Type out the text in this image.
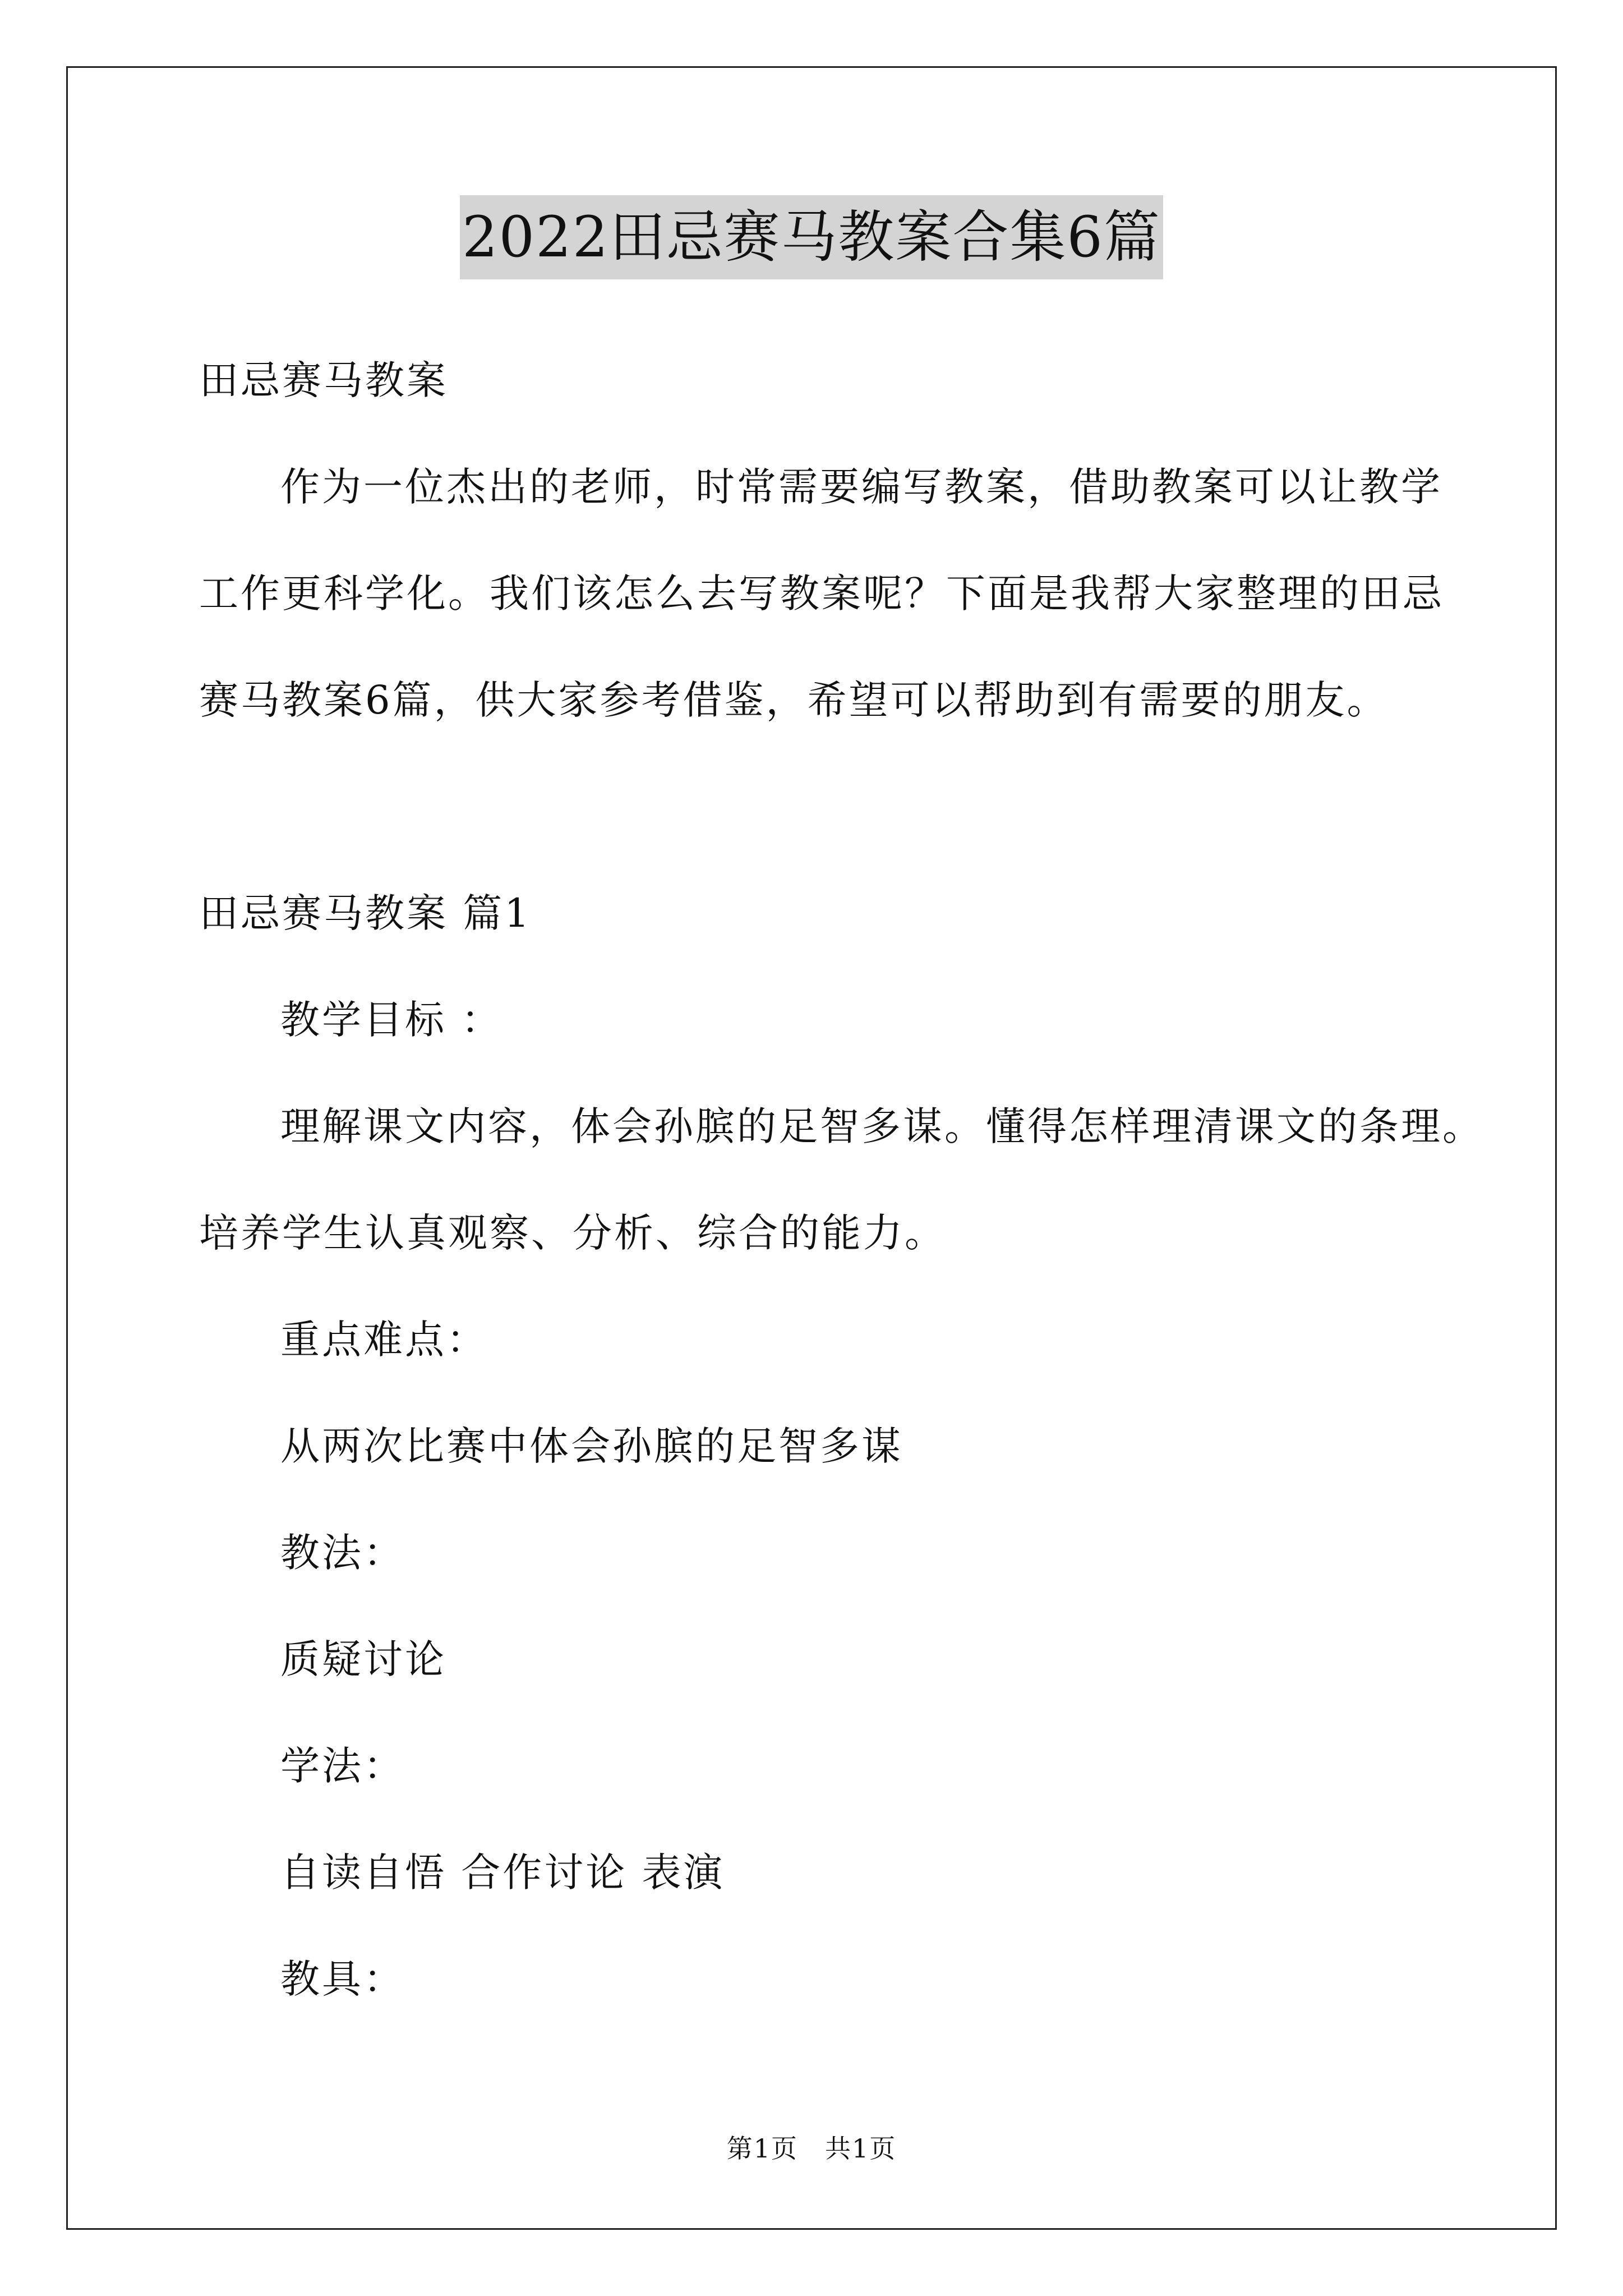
2022田忌赛马教案合集6篇
田忌赛马教案
作为一位杰出的老师，时常需要编写教案，借助教案可以让教学
工作更科学化。我们该怎么去写教案呢？下面是我帮大家整理的田忌
赛马教案6篇，供大家参考借鉴，希望可以帮助到有需要的朋友。
田忌赛马教案 篇1
教学目标 ：
理解课文内容，体会孙膑的足智多谋。懂得怎样理清课文的条理。
培养学生认真观察、分析、综合的能力。
重点难点：
从两次比赛中体会孙膑的足智多谋
教法：
质疑讨论
学法：
自读自悟 合作讨论 表演
教具：
第1页　共1页
